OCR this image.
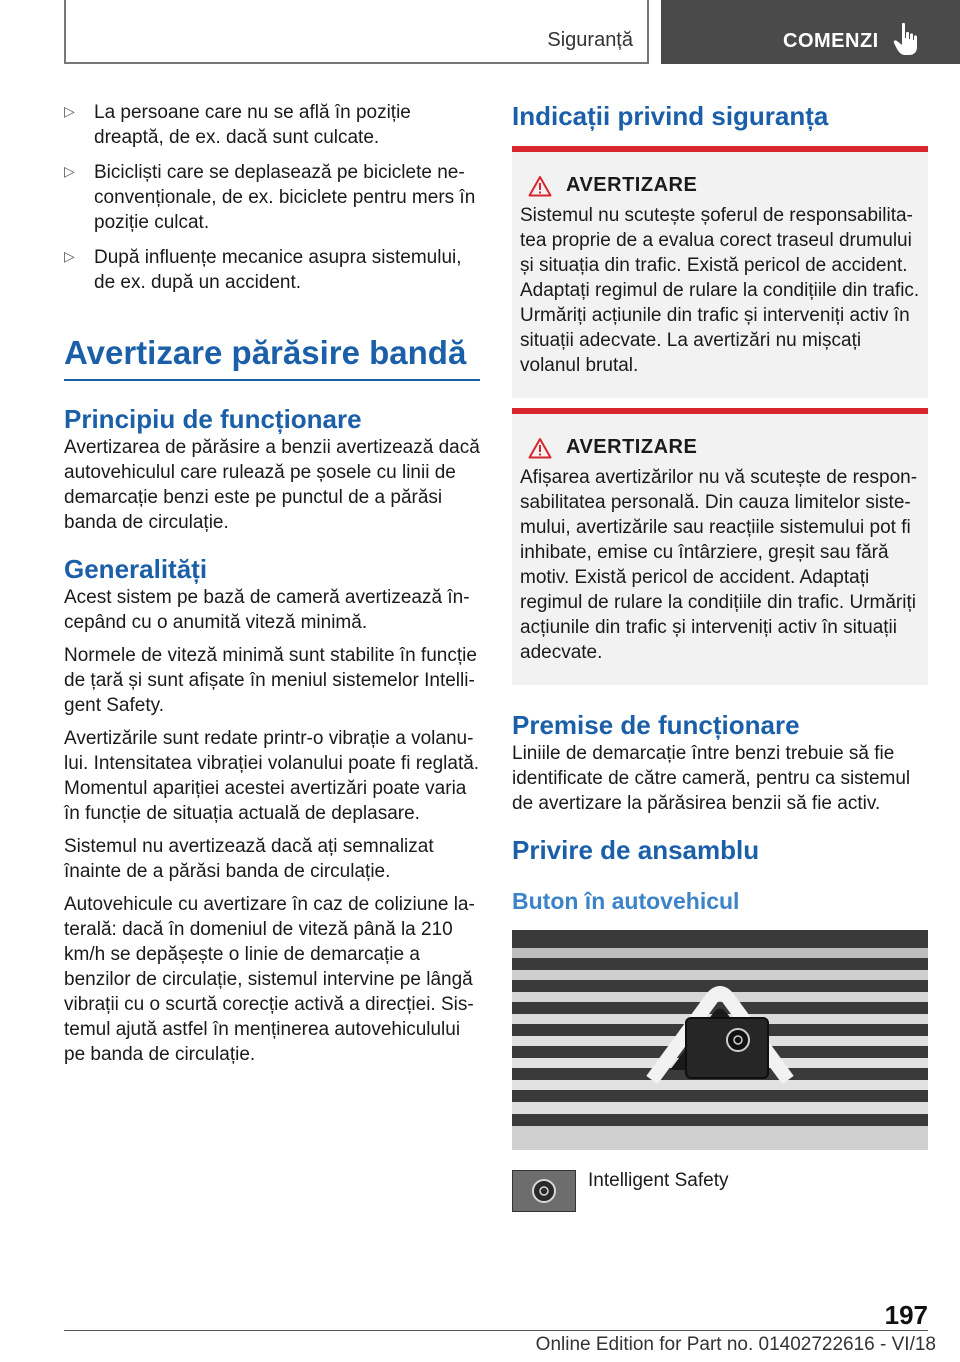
Siguranță	COMENZI
▷ La persoane care nu se află în poziție dreaptă, de ex. dacă sunt culcate.

▷ Bicicliști care se deplasează pe biciclete neconvenționale, de ex. biciclete pentru mers în poziție culcat.

▷ După influențe mecanice asupra sistemului, de ex. după un accident.

Avertizare părăsire bandă
Principiu de funcționare

Avertizarea de părăsire a benzii avertizează dacă autovehiculul care rulează pe șosele cu linii de demarcație benzi este pe punctul de a părăsi banda de circulație.

Generalități

Acest sistem pe bază de cameră avertizează începând cu o anumită viteză minimă.

Normele de viteză minimă sunt stabilite în funcție de țară și sunt afișate în meniul sistemelor Intelligent Safety.

Avertizările sunt redate printr-o vibrație a volanului. Intensitatea vibrației volanului poate fi reglată. Momentul apariției acestei avertizări poate varia în funcție de situația actuală de deplasare.

Sistemul nu avertizează dacă ați semnalizat înainte de a părăsi banda de circulație.

Autovehicule cu avertizare în caz de coliziune laterală: dacă în domeniul de viteză până la 210 km/h se depășește o linie de demarcație a benzilor de circulație, sistemul intervine pe lângă vibrații cu o scurtă corecție activă a direcției. Sistemul ajută astfel în menținerea autovehiculului pe banda de circulație.

Indicații privind siguranța
AVERTIZARE

Sistemul nu scutește șoferul de responsabilitatea proprie de a evalua corect traseul drumului și situația din trafic. Există pericol de accident. Adaptați regimul de rulare la condițiile din trafic. Urmăriți acțiunile din trafic și interveniți activ în situații adecvate. La avertizări nu mișcați volanul brutal.

AVERTIZARE

Afișarea avertizărilor nu vă scutește de responsabilitatea personală. Din cauza limitelor sistemului, avertizările sau reacțiile sistemului pot fi inhibate, emise cu întârziere, greșit sau fără motiv. Există pericol de accident. Adaptați regimul de rulare la condițiile din trafic. Urmăriți acțiunile din trafic și interveniți activ în situații adecvate.

Premise de funcționare

Liniile de demarcație între benzi trebuie să fie identificate de către cameră, pentru ca sistemul de avertizare la părăsirea benzii să fie activ.

Privire de ansamblu
Buton în autovehicul

Intelligent Safety

197
Online Edition for Part no. 01402722616 - VI/18
